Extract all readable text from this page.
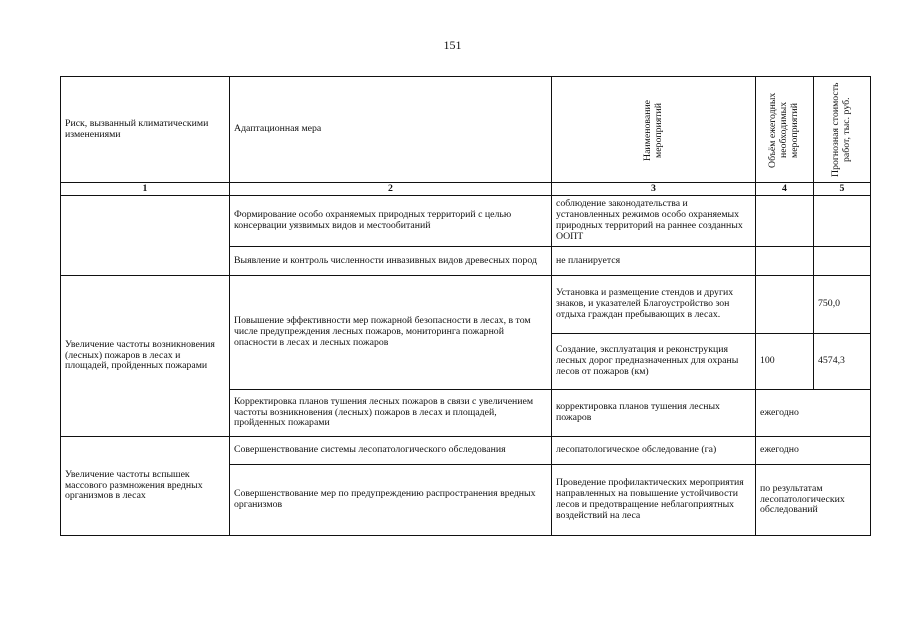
151
Риск, вызванный климатическими изменениями	Адаптационная мера	Наименование мероприятий	Объём ежегодных необходимых мероприятий	Прогнозная стоимость работ, тыс. руб.

1	2	3	4	5
	Формирование особо охраняемых природных территорий с целью консервации уязвимых видов и местообитаний	соблюдение законодательства и установленных режимов особо охраняемых природных территорий на раннее созданных ООПТ		
	Выявление и контроль численности инвазивных видов древесных пород	не планируется		
Увеличение частоты возникновения (лесных) пожаров в лесах и площадей, пройденных пожарами	Повышение эффективности мер пожарной безопасности в лесах, в том числе предупреждения лесных пожаров, мониторинга пожарной опасности в лесах и лесных пожаров	Установка и размещение стендов и других знаков, и указателей Благоустройство зон отдыха граждан пребывающих в лесах.		750,0
		Создание, эксплуатация и реконструкция лесных дорог предназначенных для охраны лесов от пожаров (км)	100	4574,3
	Корректировка планов тушения лесных пожаров в связи с увеличением частоты возникновения (лесных) пожаров в лесах и площадей, пройденных пожарами	корректировка планов тушения лесных пожаров	ежегодно	
Увеличение частоты вспышек массового размножения вредных организмов в лесах	Совершенствование системы лесопатологического обследования	лесопатологическое обследование (га)	ежегодно	
	Совершенствование мер по предупреждению распространения вредных организмов	Проведение профилактических мероприятия направленных на повышение устойчивости лесов и предотвращение неблагоприятных воздействий на леса	по результатам лесопатологических обследований	
